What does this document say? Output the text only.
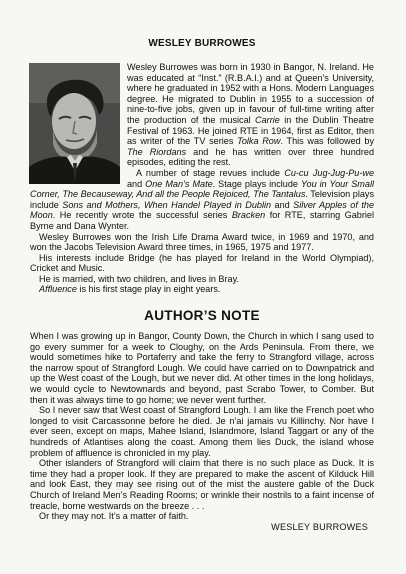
WESLEY BURROWES

Wesley Burrowes was born in 1930 in Bangor, N. Ireland. He was educated at “Inst.” (R.B.A.I.) and at Queen’s University, where he graduated in 1952 with a Hons. Modern Languages degree. He migrated to Dublin in 1955 to a succession of nine-to-five jobs, given up in favour of full-time writing after the production of the musical Carrie in the Dublin Theatre Festival of 1963. He joined RTE in 1964, first as Editor, then as writer of the TV series Tolka Row. This was followed by The Riordans and he has written over three hundred episodes, editing the rest.

A number of stage revues include Cu-cu Jug-Jug-Pu-we and One Man’s Mate. Stage plays include You in Your Small Corner, The Becauseway, And all the People Rejoiced, The Tantalus. Television plays include Sons and Mothers, When Handel Played in Dublin and Silver Apples of the Moon. He recently wrote the successful series Bracken for RTE, starring Gabriel Byrne and Dana Wynter.

Wesley Burrowes won the Irish Life Drama Award twice, in 1969 and 1970, and won the Jacobs Television Award three times, in 1965, 1975 and 1977.

His interests include Bridge (he has played for Ireland in the World Olympiad), Cricket and Music.

He is married, with two children, and lives in Bray.

Affluence is his first stage play in eight years.

AUTHOR’S NOTE

When I was growing up in Bangor, County Down, the Church in which I sang used to go every summer for a week to Cloughy, on the Ards Peninsula. From there, we would sometimes hike to Portaferry and take the ferry to Strangford village, across the narrow spout of Strangford Lough. We could have carried on to Downpatrick and up the West coast of the Lough, but we never did. At other times in the long holidays, we would cycle to Newtownards and beyond, past Scrabo Tower, to Comber. But then it was always time to go home; we never went further.

So I never saw that West coast of Strangford Lough. I am like the French poet who longed to visit Carcassonne before he died. Je n’ai jamais vu Killinchy. Nor have I ever seen, except on maps, Mahee Island, Islandmore, Island Taggart or any of the hundreds of Atlantises along the coast. Among them lies Duck, the island whose problem of affluence is chronicled in my play.

Other islanders of Strangford will claim that there is no such place as Duck. It is time they had a proper look. If they are prepared to make the ascent of Kilduck Hill and look East, they may see rising out of the mist the austere gable of the Duck Church of Ireland Men’s Reading Rooms; or wrinkle their nostrils to a faint incense of treacle, borne westwards on the breeze . . .

Or they may not. It’s a matter of faith.

WESLEY BURROWES
